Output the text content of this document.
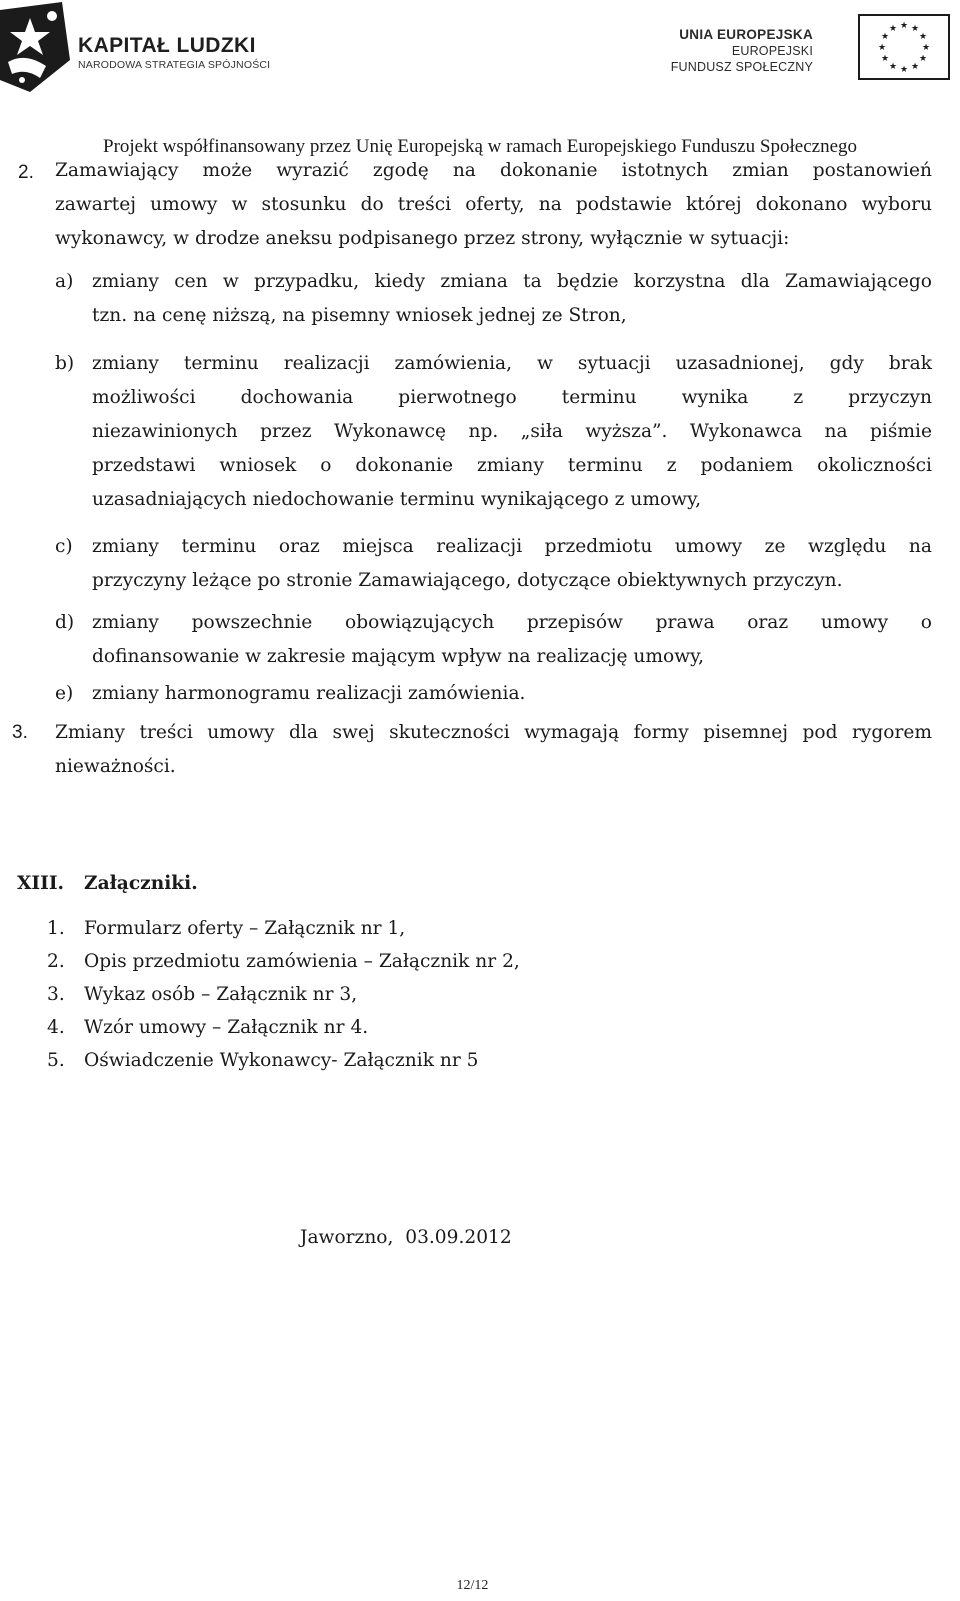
KAPITAŁ LUDZKI
NARODOWA STRATEGIA SPÓJNOŚCI
UNIA EUROPEJSKA
EUROPEJSKI
FUNDUSZ SPOŁECZNY
★ ★
★
★
★
★
★
★
★
★
★
★
Projekt współfinansowany przez Unię Europejską w ramach Europejskiego Funduszu Społecznego
2. Zamawiający może wyrazić zgodę na dokonanie istotnych zmian postanowień
zawartej umowy w stosunku do treści oferty, na podstawie której dokonano wyboru
wykonawcy, w drodze aneksu podpisanego przez strony, wyłącznie w sytuacji:
a) zmiany cen w przypadku, kiedy zmiana ta będzie korzystna dla Zamawiającego
tzn. na cenę niższą, na pisemny wniosek jednej ze Stron,
b) zmiany terminu realizacji zamówienia, w sytuacji uzasadnionej, gdy brak
możliwości dochowania pierwotnego terminu wynika z przyczyn
niezawinionych przez Wykonawcę np. „siła wyższa”. Wykonawca na piśmie
przedstawi wniosek o dokonanie zmiany terminu z podaniem okoliczności
uzasadniających niedochowanie terminu wynikającego z umowy,
c) zmiany terminu oraz miejsca realizacji przedmiotu umowy ze względu na
przyczyny leżące po stronie Zamawiającego, dotyczące obiektywnych przyczyn.
d) zmiany powszechnie obowiązujących przepisów prawa oraz umowy o
dofinansowanie w zakresie mającym wpływ na realizację umowy,
e) zmiany harmonogramu realizacji zamówienia.
3. Zmiany treści umowy dla swej skuteczności wymagają formy pisemnej pod rygorem
nieważności.
XIII. Załączniki.
1. Formularz oferty – Załącznik nr 1,
2. Opis przedmiotu zamówienia – Załącznik nr 2,
3. Wykaz osób – Załącznik nr 3,
4. Wzór umowy – Załącznik nr 4.
5. Oświadczenie Wykonawcy- Załącznik nr 5
Jaworzno,  03.09.2012
12/12
